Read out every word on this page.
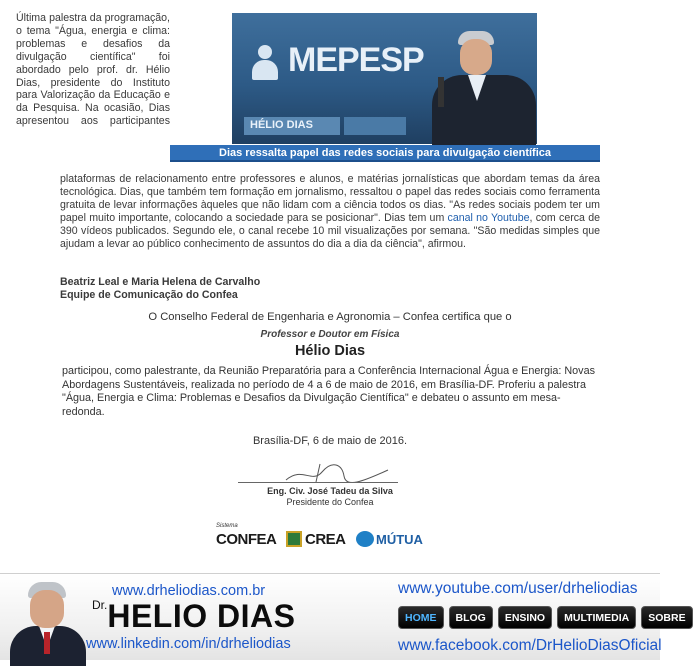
Última palestra da programação, o tema "Água, energia e clima: problemas e desafios da divulgação científica" foi abordado pelo prof. dr. Hélio Dias, presidente do Instituto para Valorização da Educação e da Pesquisa. Na ocasião, Dias apresentou aos participantes

MEPESP
HÉLIO DIAS
Dias ressalta papel das redes sociais para divulgação científica
plataformas de relacionamento entre professores e alunos, e matérias jornalísticas que abordam temas da área tecnológica. Dias, que também tem formação em jornalismo, ressaltou o papel das redes sociais como ferramenta gratuita de levar informações àqueles que não lidam com a ciência todos os dias. "As redes sociais podem ter um papel muito importante, colocando a sociedade para se posicionar". Dias tem um canal no Youtube, com cerca de 390 vídeos publicados. Segundo ele, o canal recebe 10 mil visualizações por semana. "São medidas simples que ajudam a levar ao público conhecimento de assuntos do dia a dia da ciência", afirmou.
Beatriz Leal e Maria Helena de Carvalho
Equipe de Comunicação do Confea
O Conselho Federal de Engenharia e Agronomia – Confea certifica que o
Professor e Doutor em Física
Hélio Dias
participou, como palestrante, da Reunião Preparatória para a Conferência Internacional Água e Energia: Novas Abordagens Sustentáveis, realizada no período de 4 a 6 de maio de 2016, em Brasília-DF. Proferiu a palestra "Água, Energia e Clima: Problemas e Desafios da Divulgação Científica" e debateu o assunto em mesa-redonda.
Brasília-DF, 6 de maio de 2016.
Eng. Civ. José Tadeu da Silva
Presidente do Confea
Sistema
CONFEA CREA MÚTUA
www.drheliodias.com.br
$^{Dr.}$HELIO DIAS
www.linkedin.com/in/drheliodias
www.youtube.com/user/drheliodias
HOME	BLOG	ENSINO	MULTIMEDIA	SOBRE
www.facebook.com/DrHelioDiasOficial
